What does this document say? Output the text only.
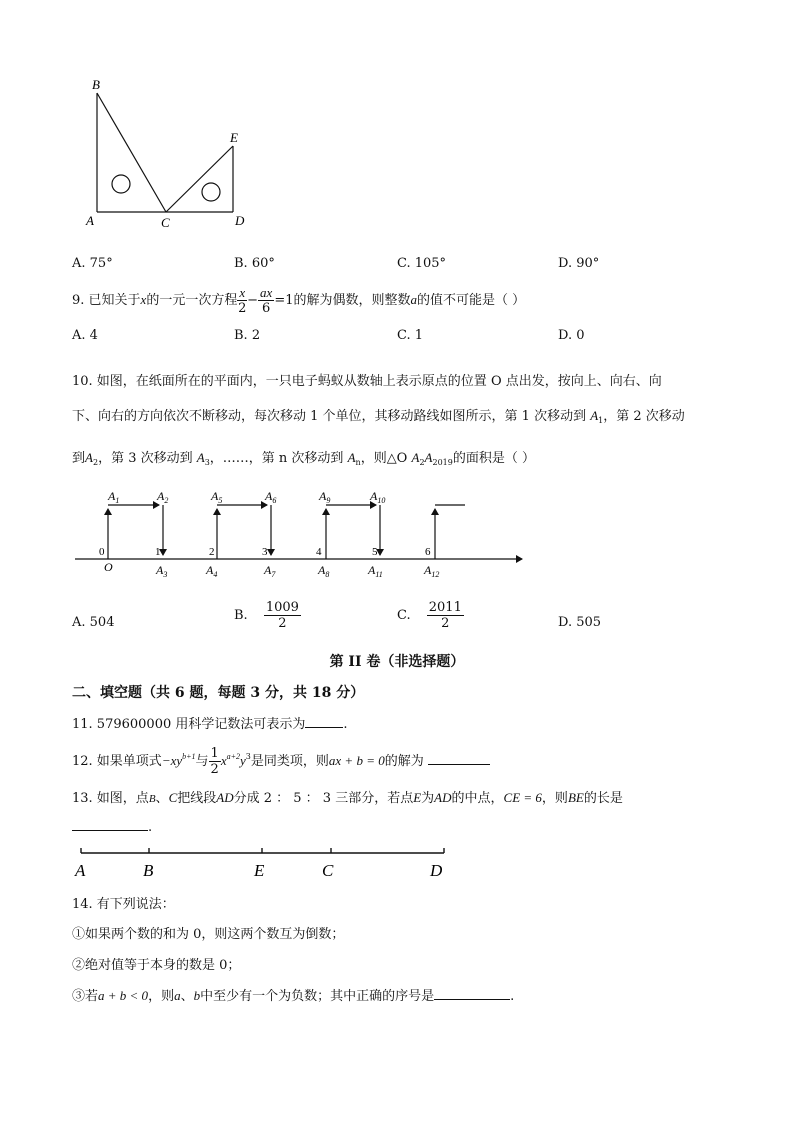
B
E
A	C	D
A. 75°	B. 60°	C. 105°	D. 90°
9. 已知关于x的一元一次方程 $\frac{x}{2} - \frac{ax}{6} =1$的解为偶数，则整数a的值不可能是（ ）
A. 4	B. 2	C. 1	D. 0
10. 如图，在纸面所在的平面内，一只电子蚂蚁从数轴上表示原点的位置 O 点出发，按向上、向右、向
下、向右的方向依次不断移动，每次移动 1 个单位，其移动路线如图所示，第 1 次移动到 $A_1$，第 2 次移动
到$A_2$，第 3 次移动到 $A_3$，……，第 n 次移动到 $A_n$，则△O $A_2A_{2019}$的面积是（ ）
$A_1$	$A_2$	$A_5$	$A_6$	$A_9$	$A_{10}$
0	1	2	3	4	5	6
O	$A_3$	$A_4$	$A_7$	$A_8$	$A_{11}$	$A_{12}$
A. 504	B. $\frac{1009}{2}$	C. $\frac{2011}{2}$	D. 505
第 II 卷（非选择题）
二、填空题（共 6 题，每题 3 分，共 18 分）
11. 579600000 用科学记数法可表示为	.
12. 如果单项式$-xy^{b+1}$与 $\frac{1}{2} x^{a+2}y^3$是同类项，则ax + b = 0的解为
13. 如图，点B、C把线段AD分成 2 ： 5 ： 3 三部分，若点E为AD的中点，CE = 6，则BE的长是
.
A	B	E	C	D
14. 有下列说法：
①如果两个数的和为 0，则这两个数互为倒数；
②绝对值等于本身的数是 0；
③若a + b < 0，则a、b中至少有一个为负数；其中正确的序号是	.
